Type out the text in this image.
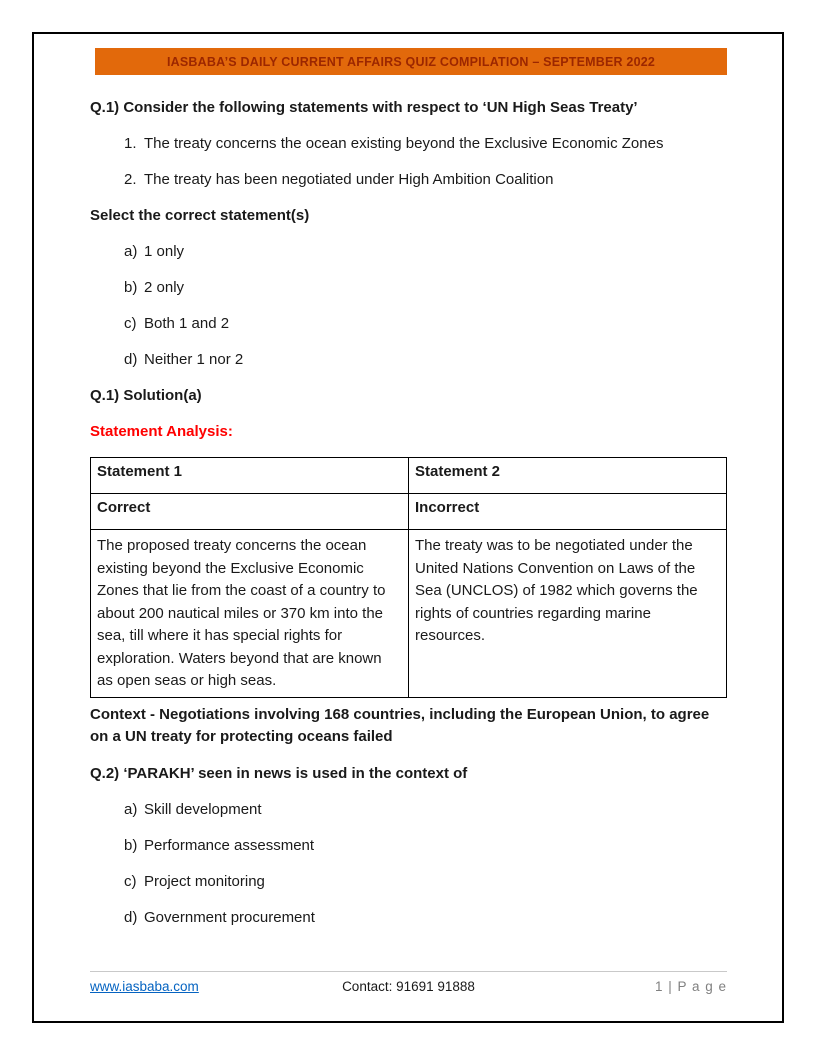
IASBABA’S DAILY CURRENT AFFAIRS QUIZ COMPILATION – SEPTEMBER 2022

Q.1) Consider the following statements with respect to ‘UN High Seas Treaty’

1. The treaty concerns the ocean existing beyond the Exclusive Economic Zones
2. The treaty has been negotiated under High Ambition Coalition

Select the correct statement(s)

a) 1 only
b) 2 only
c) Both 1 and 2
d) Neither 1 nor 2

Q.1) Solution(a)

Statement Analysis:

Statement 1	Statement 2
Correct	Incorrect
The proposed treaty concerns the ocean existing beyond the Exclusive Economic Zones that lie from the coast of a country to about 200 nautical miles or 370 km into the sea, till where it has special rights for exploration. Waters beyond that are known as open seas or high seas.	The treaty was to be negotiated under the United Nations Convention on Laws of the Sea (UNCLOS) of 1982 which governs the rights of countries regarding marine resources.

Context - Negotiations involving 168 countries, including the European Union, to agree on a UN treaty for protecting oceans failed

Q.2) ‘PARAKH’ seen in news is used in the context of

a) Skill development
b) Performance assessment
c) Project monitoring
d) Government procurement
www.iasbaba.com	Contact: 91691 91888	1 | P a g e
